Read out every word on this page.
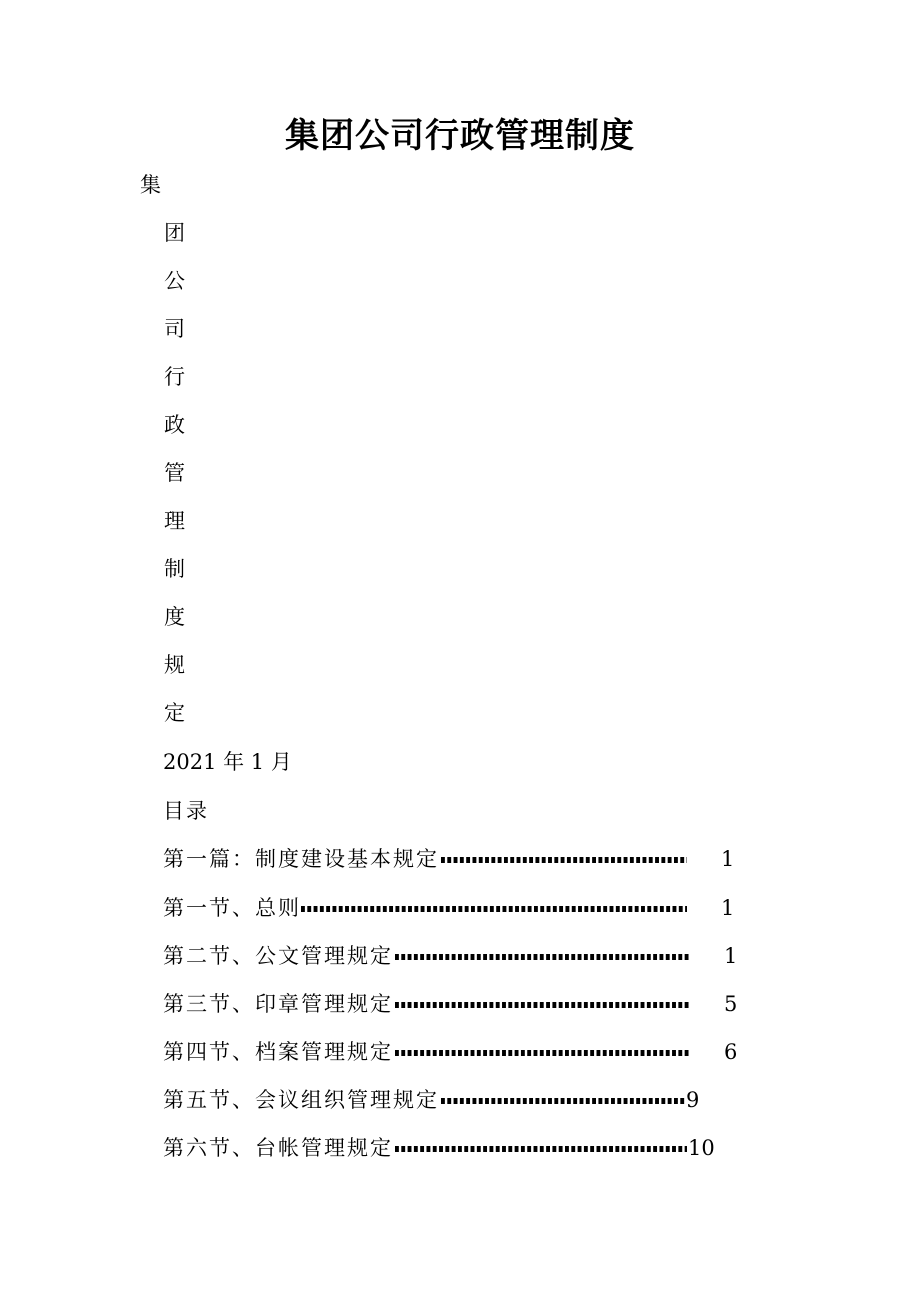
集团公司行政管理制度
集
团
公
司
行
政
管
理
制
度
规
定
2021 年 1 月
目录
第一篇：制度建设基本规定	1
第一节、总则	1
第二节、公文管理规定	1
第三节、印章管理规定	5
第四节、档案管理规定	6
第五节、会议组织管理规定	9
第六节、台帐管理规定	10
